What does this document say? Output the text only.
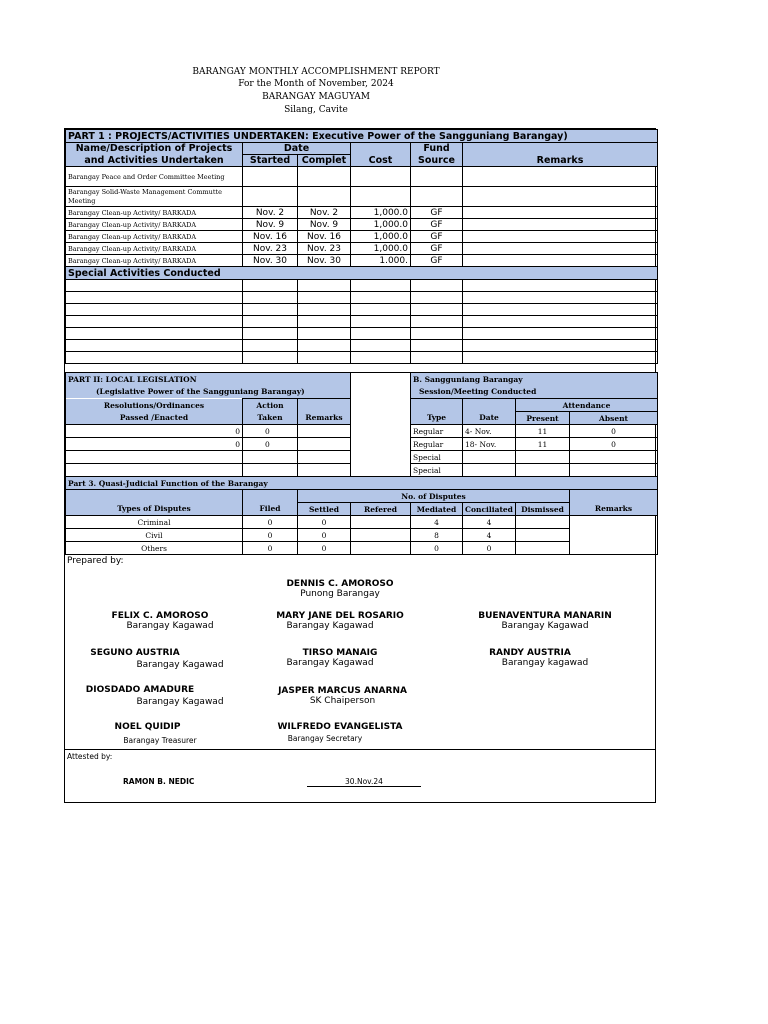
BARANGAY MONTHLY ACCOMPLISHMENT REPORT
For the Month of November, 2024
BARANGAY MAGUYAM
Silang, Cavite
PART 1 : PROJECTS/ACTIVITIES UNDERTAKEN: Executive Power of the Sangguniang Barangay)					
Name/Description of Projects	Date			Fund	
and Activities Undertaken	Started	Complet	Cost	Source	Remarks
Barangay Peace and Order Committee Meeting					
Barangay Solid-Waste Management Commutte
Meeting					
Barangay Clean-up Activity/ BARKADA	Nov. 2	Nov. 2	1,000.0	GF	
Barangay Clean-up Activity/ BARKADA	Nov. 9	Nov. 9	1,000.0	GF	
Barangay Clean-up Activity/ BARKADA	Nov. 16	Nov. 16	1,000.0	GF	
Barangay Clean-up Activity/ BARKADA	Nov. 23	Nov. 23	1,000.0	GF	
Barangay Clean-up Activity/ BARKADA	Nov. 30	Nov. 30	1.000.	GF	
Special Activities Conducted					

PART II: LOCAL LEGISLATION				B. Sangguniang Barangay			
(Legislative Power of the Sangguniang Barangay)				Session/Meeting Conducted			
Resolutions/Ordinances	Action					Attendance	
Passed /Enacted	Taken	Remarks		Type	Date	Present	Absent
0	0			Regular	4- Nov.	11	0
0	0			Regular	18- Nov.	11	0
				Special			
				Special			
Part 3. Quasi-Judicial Function of the Barangay							
		No. of Disputes					
Types of Disputes	Filed	Settled	Refered	Mediated	Conciliated	Dismissed	Remarks
Criminal	0	0		4	4		
Civil	0	0		8	4		
Others	0	0		0	0		
Prepared by:
DENNIS C. AMOROSO
Punong Barangay
FELIX C. AMOROSO
Barangay Kagawad
MARY JANE DEL ROSARIO
Barangay Kagawad
BUENAVENTURA MANARIN
Barangay Kagawad
SEGUNO AUSTRIA
Barangay Kagawad
TIRSO MANAIG
Barangay Kagawad
RANDY AUSTRIA
Barangay kagawad
DIOSDADO AMADURE
Barangay Kagawad
JASPER MARCUS ANARNA
SK Chaiperson
NOEL QUIDIP
Barangay Treasurer
WILFREDO EVANGELISTA
Barangay Secretary
Attested by:
RAMON B. NEDIC	30.Nov.24
